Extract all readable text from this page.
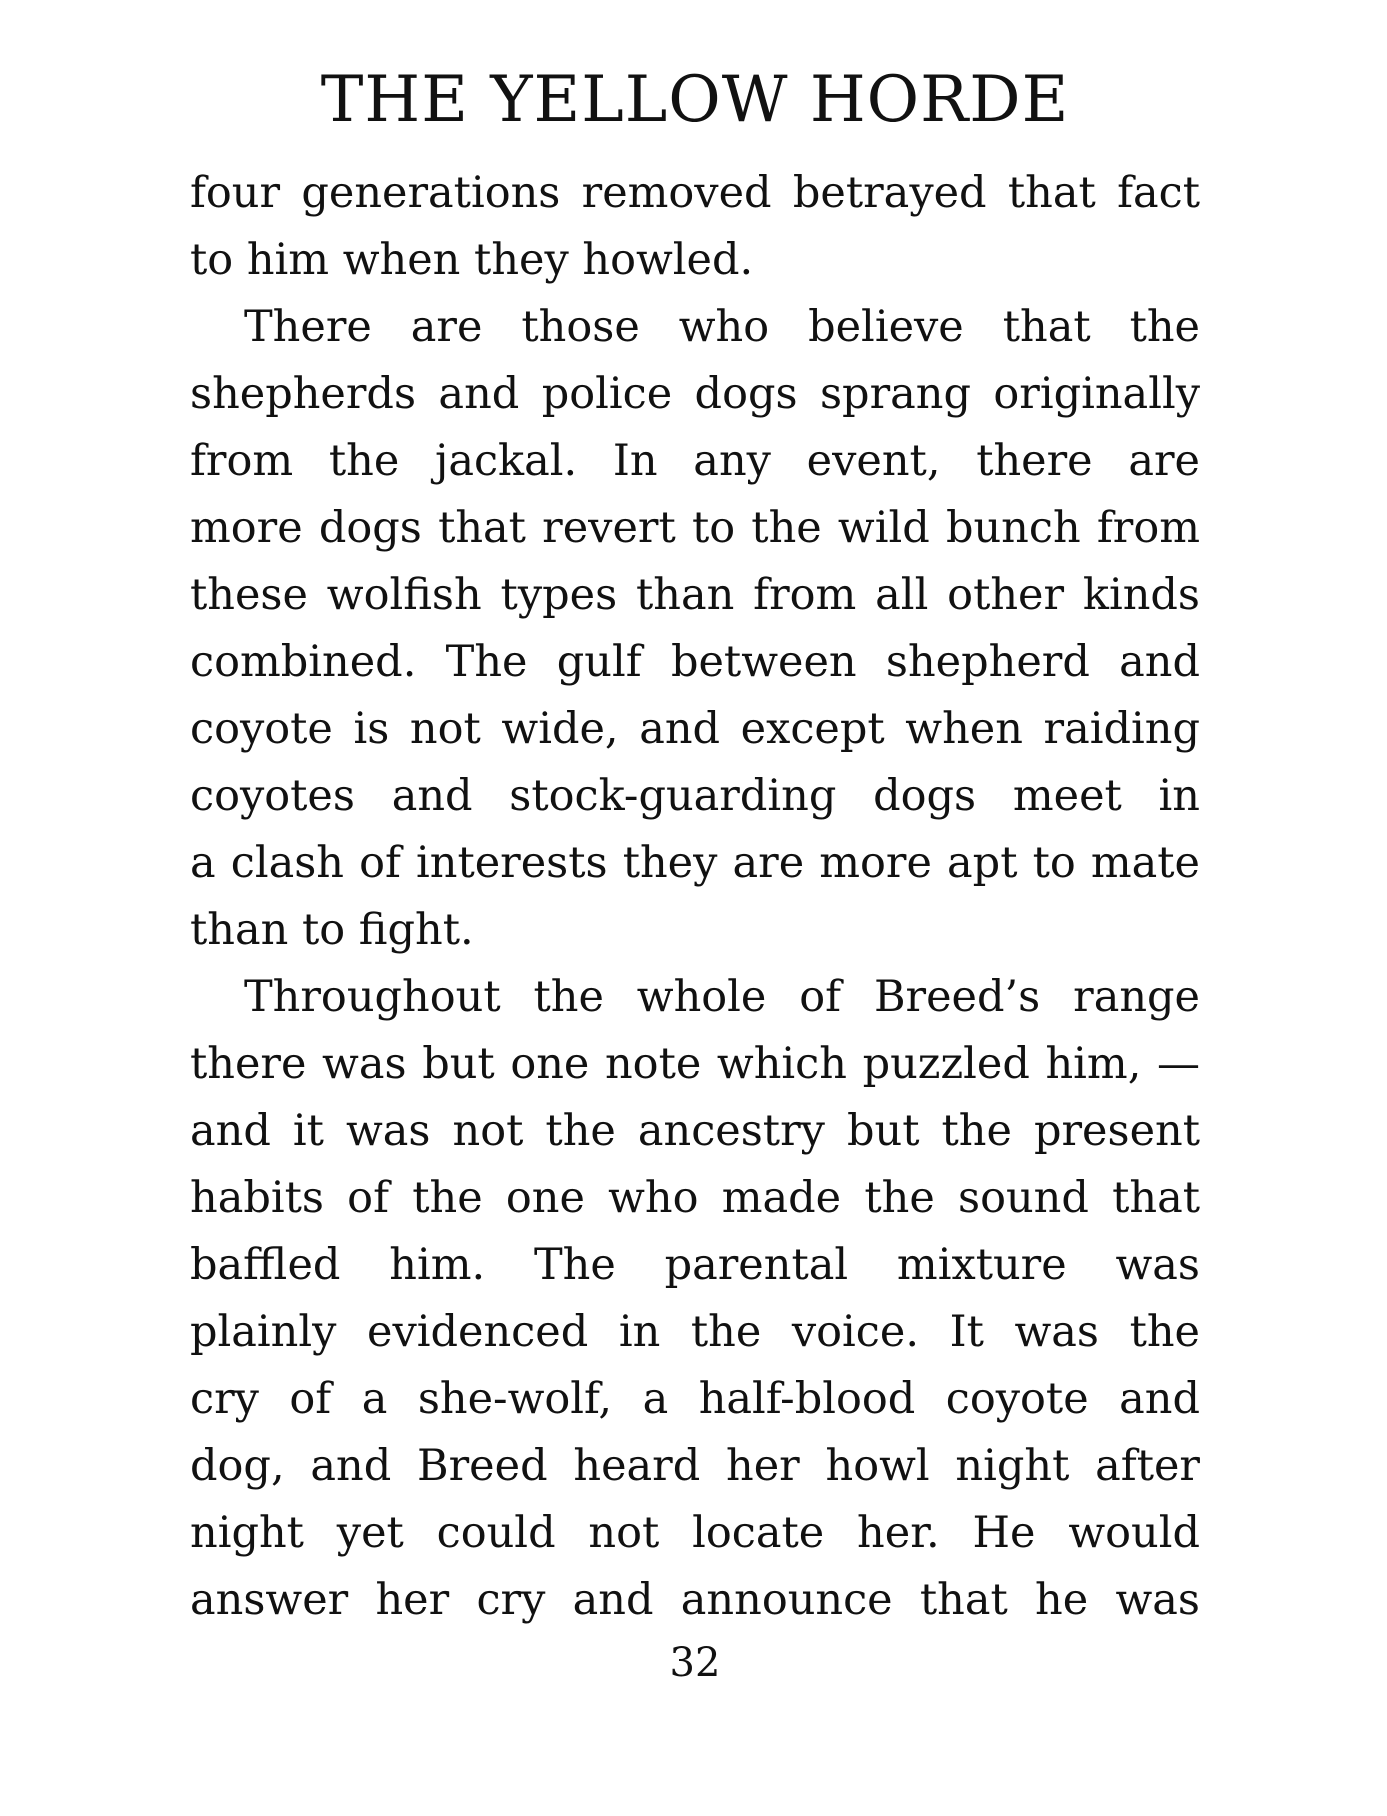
THE YELLOW HORDE
four generations removed betrayed that fact
to him when they howled.
There are those who believe that the
shepherds and police dogs sprang originally
from the jackal. In any event, there are
more dogs that revert to the wild bunch from
these wolfish types than from all other kinds
combined. The gulf between shepherd and
coyote is not wide, and except when raiding
coyotes and stock-guarding dogs meet in
a clash of interests they are more apt to mate
than to fight.
Throughout the whole of Breed’s range
there was but one note which puzzled him, —
and it was not the ancestry but the present
habits of the one who made the sound that
baffled him. The parental mixture was
plainly evidenced in the voice. It was the
cry of a she-wolf, a half-blood coyote and
dog, and Breed heard her howl night after
night yet could not locate her. He would
answer her cry and announce that he was
32
